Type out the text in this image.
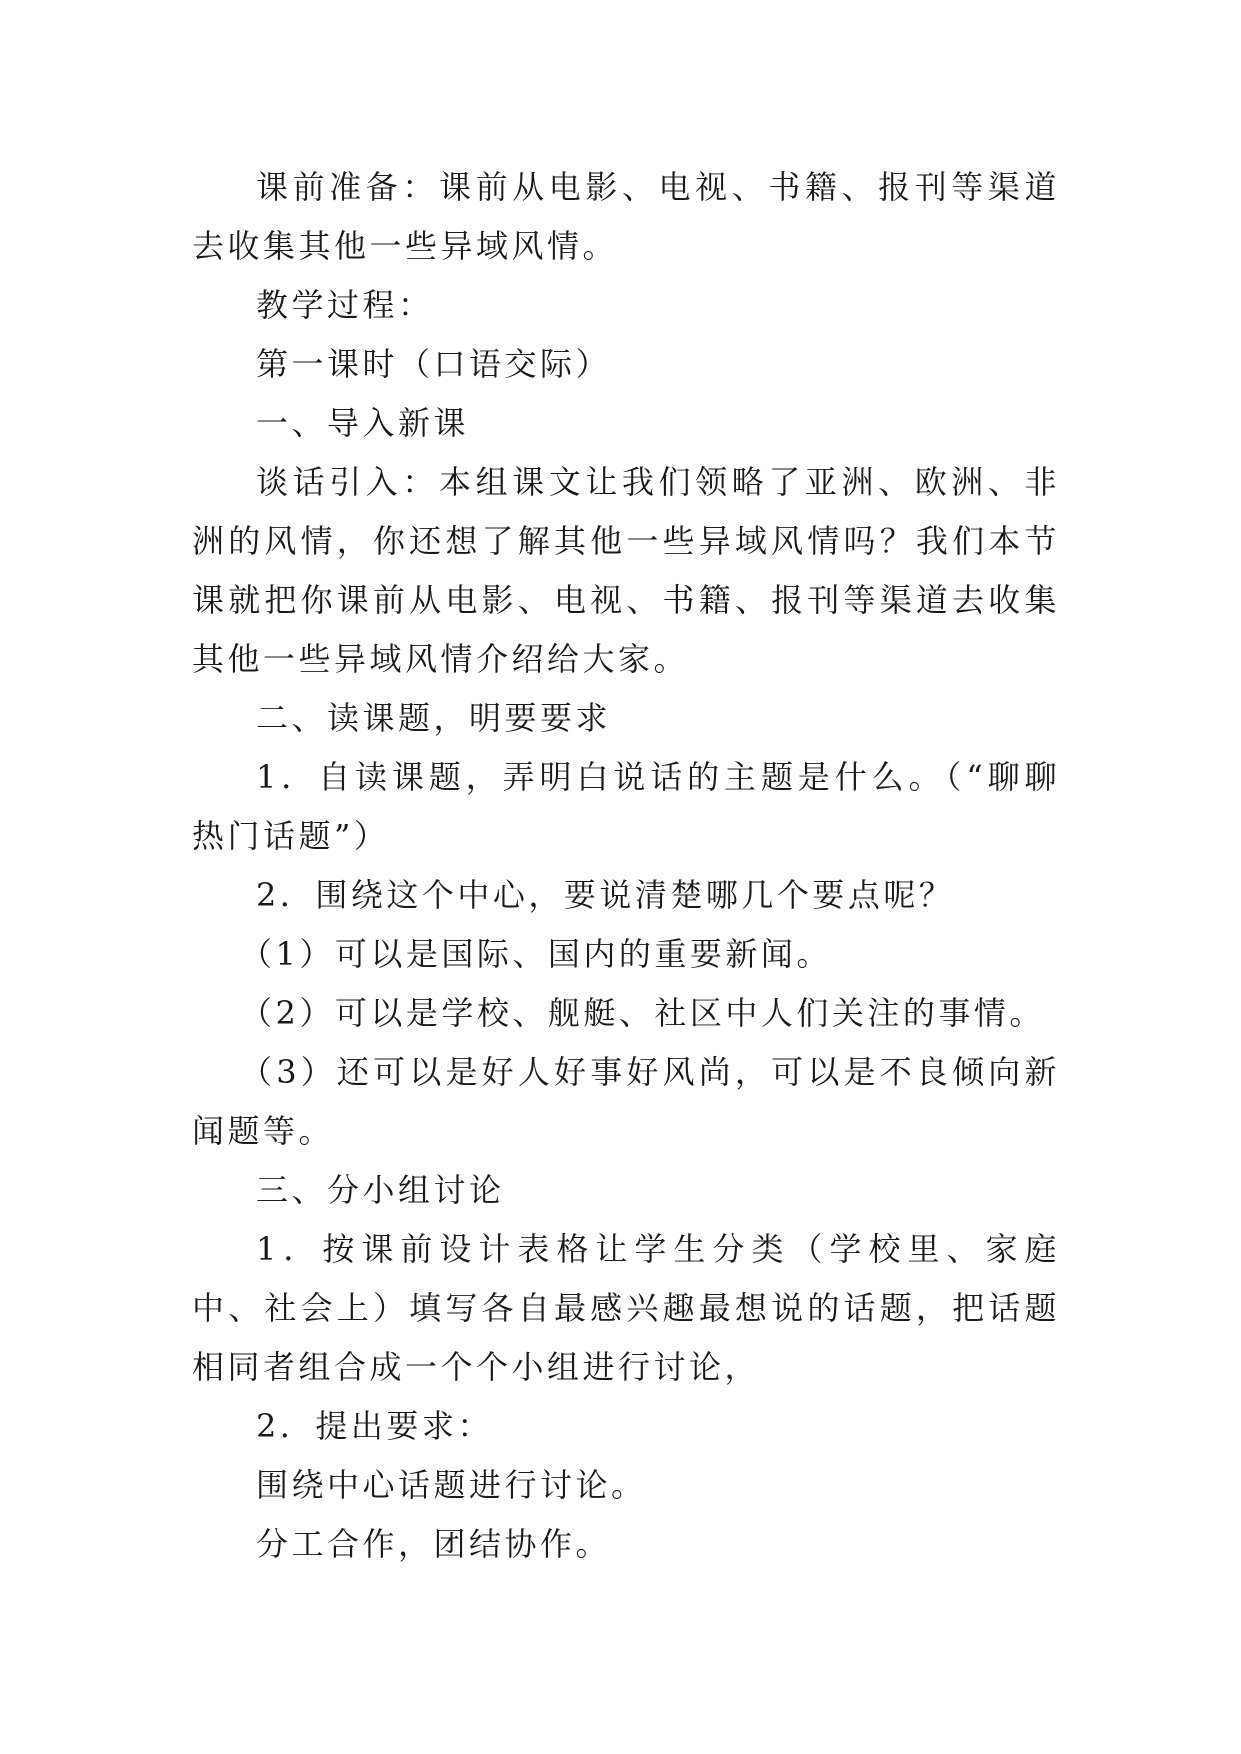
课前准备：课前从电影、电视、书籍、报刊等渠道去收集其他一些异域风情。

教学过程：

第一课时（口语交际）

一、导入新课

谈话引入：本组课文让我们领略了亚洲、欧洲、非洲的风情，你还想了解其他一些异域风情吗？我们本节课就把你课前从电影、电视、书籍、报刊等渠道去收集其他一些异域风情介绍给大家。

二、读课题，明要要求

1．自读课题，弄明白说话的主题是什么。（“聊聊热门话题”）

2．围绕这个中心，要说清楚哪几个要点呢？

（1）可以是国际、国内的重要新闻。

（2）可以是学校、舰艇、社区中人们关注的事情。

（3）还可以是好人好事好风尚，可以是不良倾向新闻题等。

三、分小组讨论

1．按课前设计表格让学生分类（学校里、家庭中、社会上）填写各自最感兴趣最想说的话题，把话题相同者组合成一个个小组进行讨论，

2．提出要求：

围绕中心话题进行讨论。

分工合作，团结协作。
